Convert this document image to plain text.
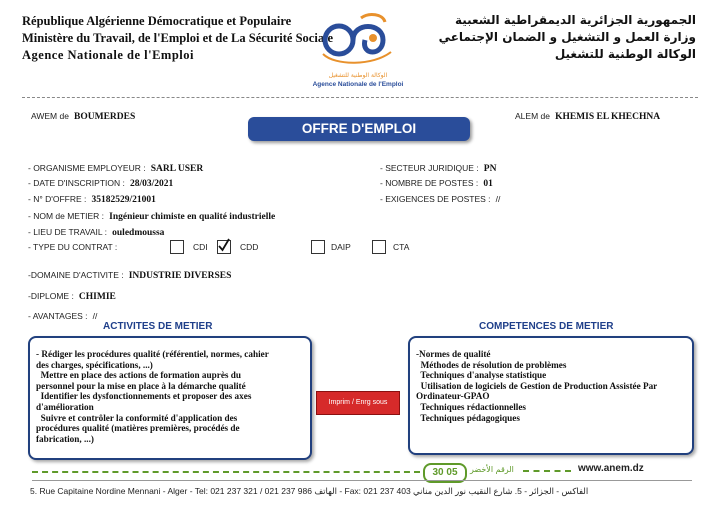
République Algérienne Démocratique et Populaire
Ministère du Travail, de l'Emploi et de La Sécurité Sociale
Agence Nationale de l'Emploi
الوكالة الوطنية للتشغيل
Agence Nationale de l'Emploi
الجمهورية الجزائرية الديمقراطية الشعبية
وزارة العمل و التشغيل و الضمان الإجتماعي
الوكالة الوطنية للتشغيل
AWEM de BOUMERDES	ALEM de KHEMIS EL KHECHNA
OFFRE D'EMPLOI
- ORGANISME EMPLOYEUR : SARL USER
- DATE D'INSCRIPTION : 28/03/2021
- N° D'OFFRE : 35182529/21001
- NOM de METIER : Ingénieur chimiste en qualité industrielle
- LIEU DE TRAVAIL : ouledmoussa
- SECTEUR JURIDIQUE : PN
- NOMBRE DE POSTES : 01
- EXIGENCES DE POSTES : //
- TYPE DU CONTRAT :	CDI	CDD	DAIP	CTA
-DOMAINE D'ACTIVITE : INDUSTRIE DIVERSES
-DIPLOME : CHIMIE
- AVANTAGES : //
ACTIVITES DE METIER	COMPETENCES DE METIER
- Rédiger les procédures qualité (référentiel, normes, cahier
des charges, spécifications, ...)
Mettre en place des actions de formation auprès du
personnel pour la mise en place à la démarche qualité
Identifier les dysfonctionnements et proposer des axes
d'amélioration
Suivre et contrôler la conformité d'application des
procédures qualité (matières premières, procédés de
fabrication, ...)
Imprim / Enrg sous
-Normes de qualité
Méthodes de résolution de problèmes
Techniques d'analyse statistique
Utilisation de logiciels de Gestion de Production Assistée Par
Ordinateur-GPAO
Techniques rédactionnelles
Techniques pédagogiques
30 05	الرقم الأخضر	www.anem.dz
5. Rue Capitaine Nordine Mennani - Alger - Tel: 021 237 321 / 021 237 986 الهاتف - Fax: 021 237 403 الفاكس - الجزائر - 5. شارع النقيب نور الدين مناني
